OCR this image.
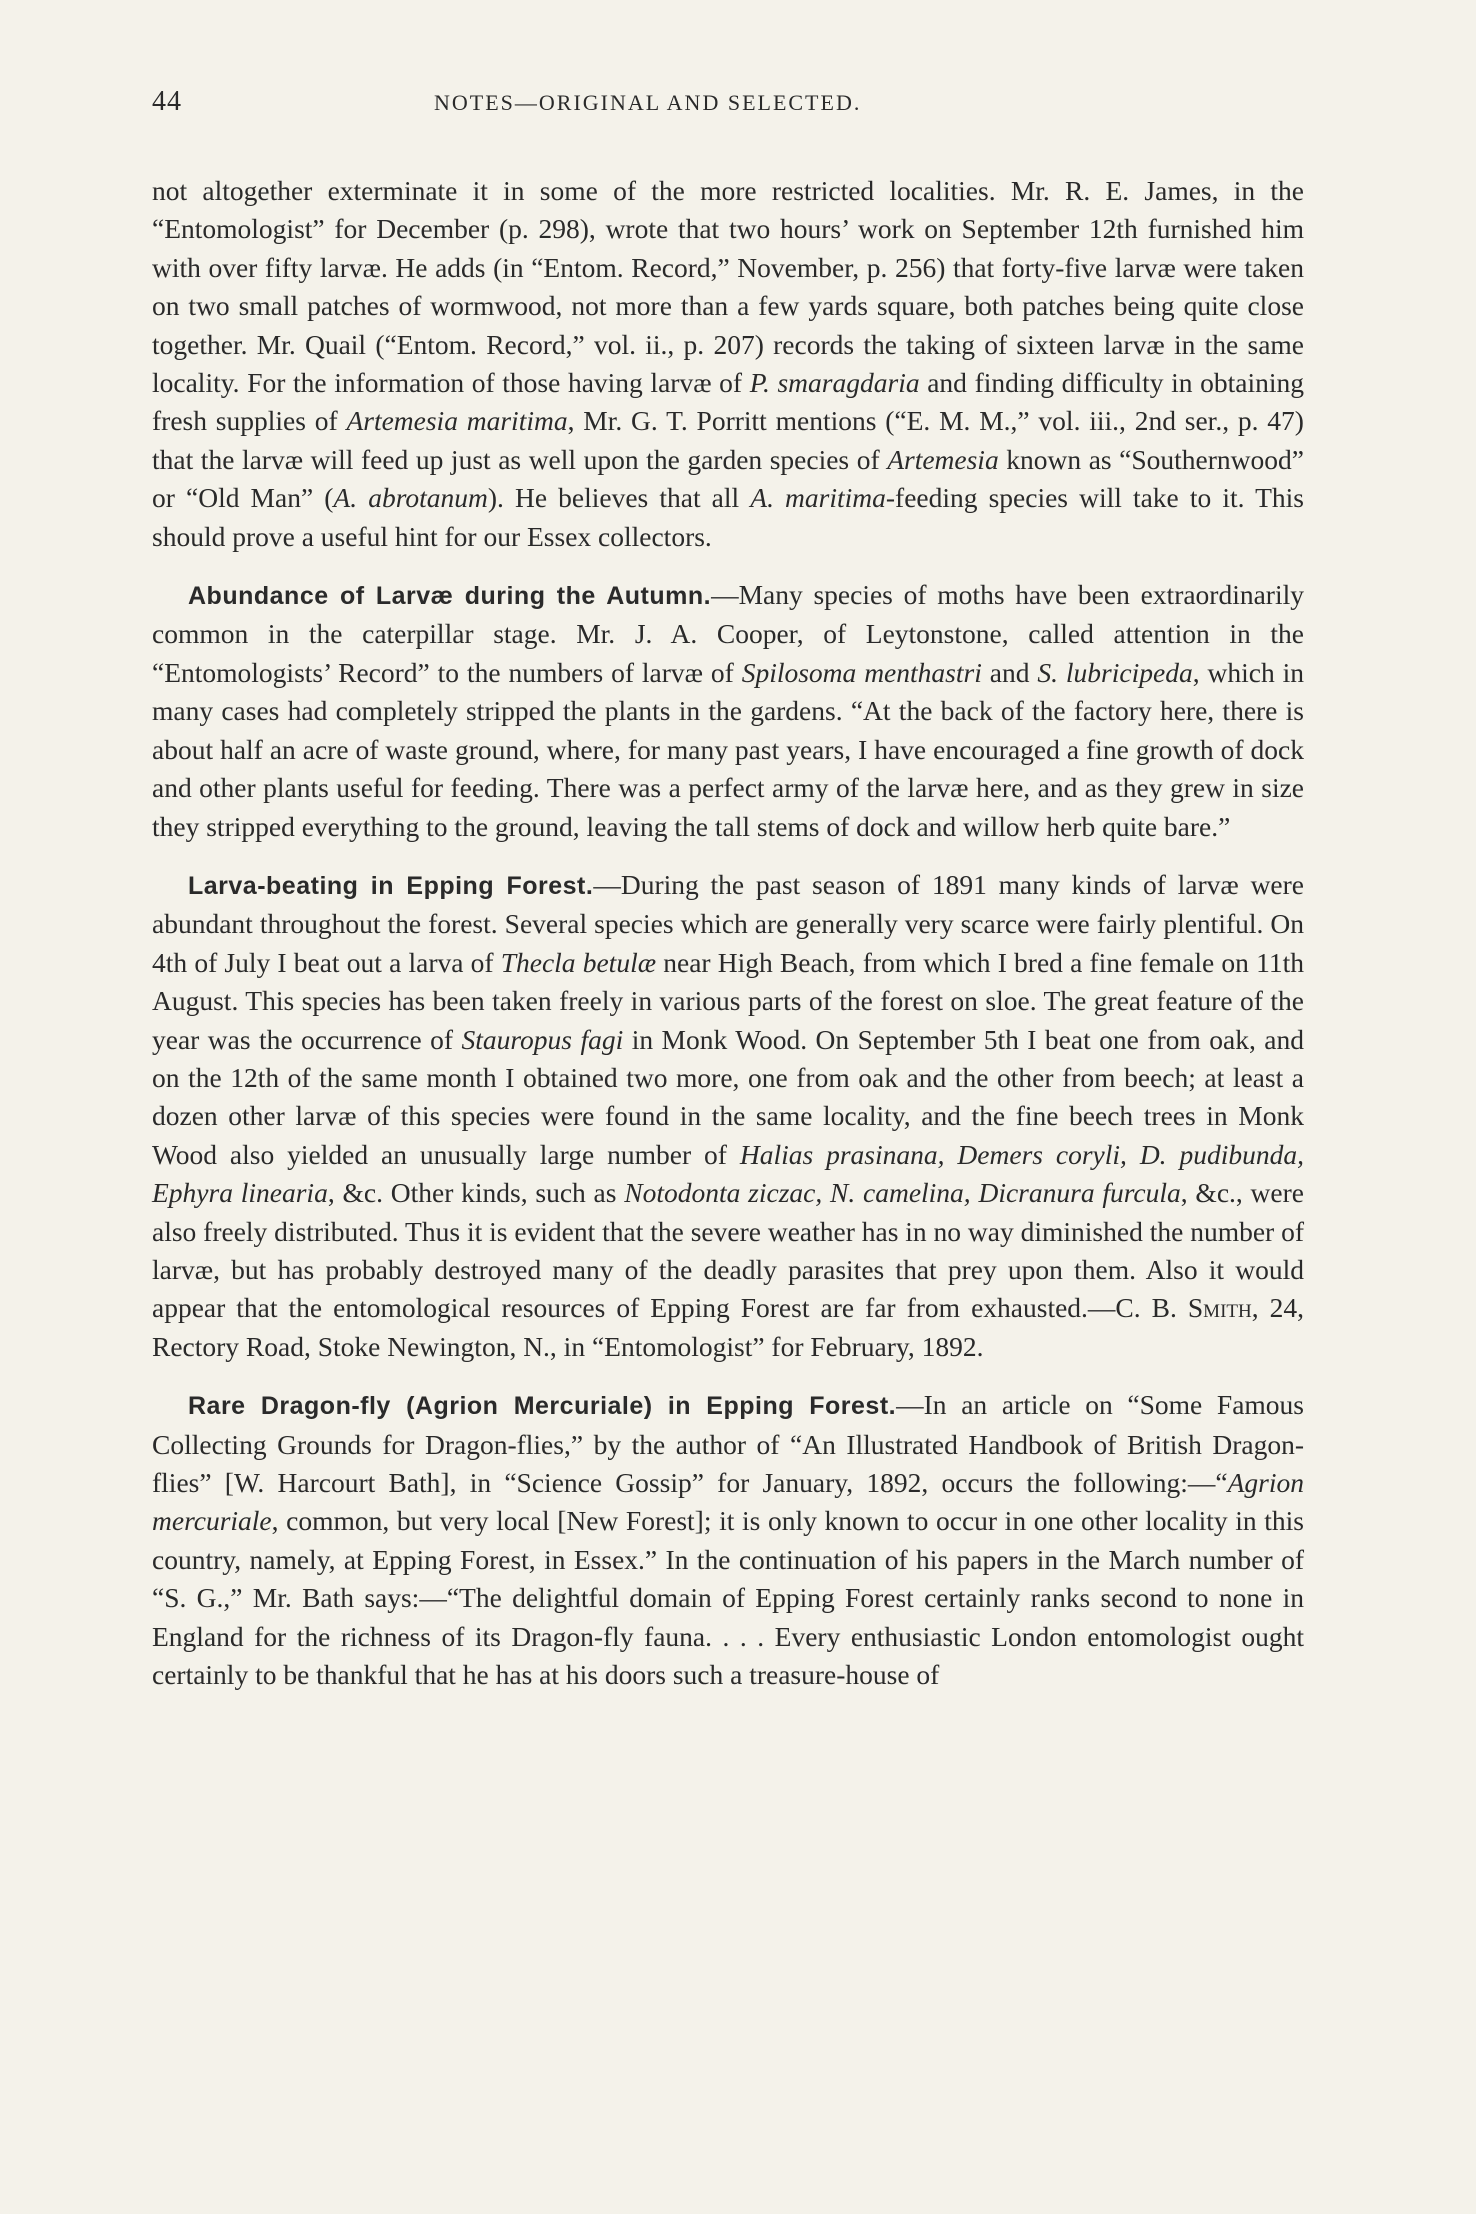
44	NOTES—ORIGINAL AND SELECTED.

not altogether exterminate it in some of the more restricted localities. Mr. R. E. James, in the “Entomologist” for December (p. 298), wrote that two hours’ work on September 12th furnished him with over fifty larvæ. He adds (in “Entom. Record,” November, p. 256) that forty-five larvæ were taken on two small patches of wormwood, not more than a few yards square, both patches being quite close together. Mr. Quail (“Entom. Record,” vol. ii., p. 207) records the taking of sixteen larvæ in the same locality. For the information of those having larvæ of P. smaragdaria and finding difficulty in obtaining fresh supplies of Artemesia maritima, Mr. G. T. Porritt mentions (“E. M. M.,” vol. iii., 2nd ser., p. 47) that the larvæ will feed up just as well upon the garden species of Artemesia known as “Southernwood” or “Old Man” (A. abrotanum). He believes that all A. maritima-feeding species will take to it. This should prove a useful hint for our Essex collectors.

Abundance of Larvæ during the Autumn.—Many species of moths have been extraordinarily common in the caterpillar stage. Mr. J. A. Cooper, of Leytonstone, called attention in the “Entomologists’ Record” to the numbers of larvæ of Spilosoma menthastri and S. lubricipeda, which in many cases had completely stripped the plants in the gardens. “At the back of the factory here, there is about half an acre of waste ground, where, for many past years, I have encouraged a fine growth of dock and other plants useful for feeding. There was a perfect army of the larvæ here, and as they grew in size they stripped everything to the ground, leaving the tall stems of dock and willow herb quite bare.”

Larva-beating in Epping Forest.—During the past season of 1891 many kinds of larvæ were abundant throughout the forest. Several species which are generally very scarce were fairly plentiful. On 4th of July I beat out a larva of Thecla betulæ near High Beach, from which I bred a fine female on 11th August. This species has been taken freely in various parts of the forest on sloe. The great feature of the year was the occurrence of Stauropus fagi in Monk Wood. On September 5th I beat one from oak, and on the 12th of the same month I obtained two more, one from oak and the other from beech; at least a dozen other larvæ of this species were found in the same locality, and the fine beech trees in Monk Wood also yielded an unusually large number of Halias prasinana, Demers coryli, D. pudibunda, Ephyra linearia, &c. Other kinds, such as Notodonta ziczac, N. camelina, Dicranura furcula, &c., were also freely distributed. Thus it is evident that the severe weather has in no way diminished the number of larvæ, but has probably destroyed many of the deadly parasites that prey upon them. Also it would appear that the entomological resources of Epping Forest are far from exhausted.—C. B. Smith, 24, Rectory Road, Stoke Newington, N., in “Entomologist” for February, 1892.

Rare Dragon-fly (Agrion Mercuriale) in Epping Forest.—In an article on “Some Famous Collecting Grounds for Dragon-flies,” by the author of “An Illustrated Handbook of British Dragon-flies” [W. Harcourt Bath], in “Science Gossip” for January, 1892, occurs the following:—“Agrion mercuriale, common, but very local [New Forest]; it is only known to occur in one other locality in this country, namely, at Epping Forest, in Essex.” In the continuation of his papers in the March number of “S. G.,” Mr. Bath says:—“The delightful domain of Epping Forest certainly ranks second to none in England for the richness of its Dragon-fly fauna. . . . Every enthusiastic London entomologist ought certainly to be thankful that he has at his doors such a treasure-house of
